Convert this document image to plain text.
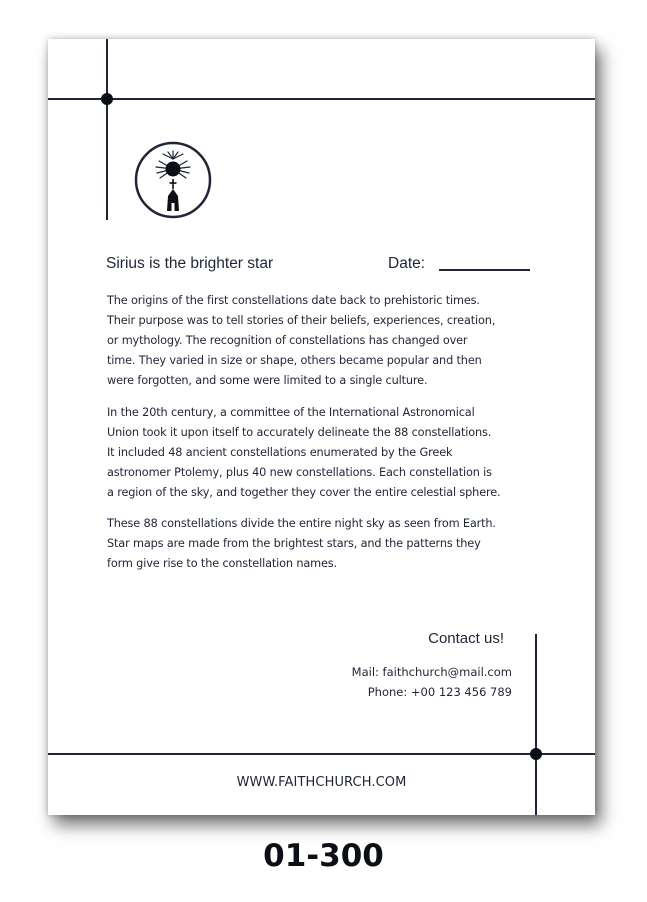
Sirius is the brighter star	Date:

The origins of the first constellations date back to prehistoric times.
Their purpose was to tell stories of their beliefs, experiences, creation,
or mythology. The recognition of constellations has changed over
time. They varied in size or shape, others became popular and then
were forgotten, and some were limited to a single culture.

In the 20th century, a committee of the International Astronomical
Union took it upon itself to accurately delineate the 88 constellations.
It included 48 ancient constellations enumerated by the Greek
astronomer Ptolemy, plus 40 new constellations. Each constellation is
a region of the sky, and together they cover the entire celestial sphere.

These 88 constellations divide the entire night sky as seen from Earth.
Star maps are made from the brightest stars, and the patterns they
form give rise to the constellation names.

Contact us!
Mail: faithchurch@mail.com
Phone: +00 123 456 789
WWW.FAITHCHURCH.COM
01-300
